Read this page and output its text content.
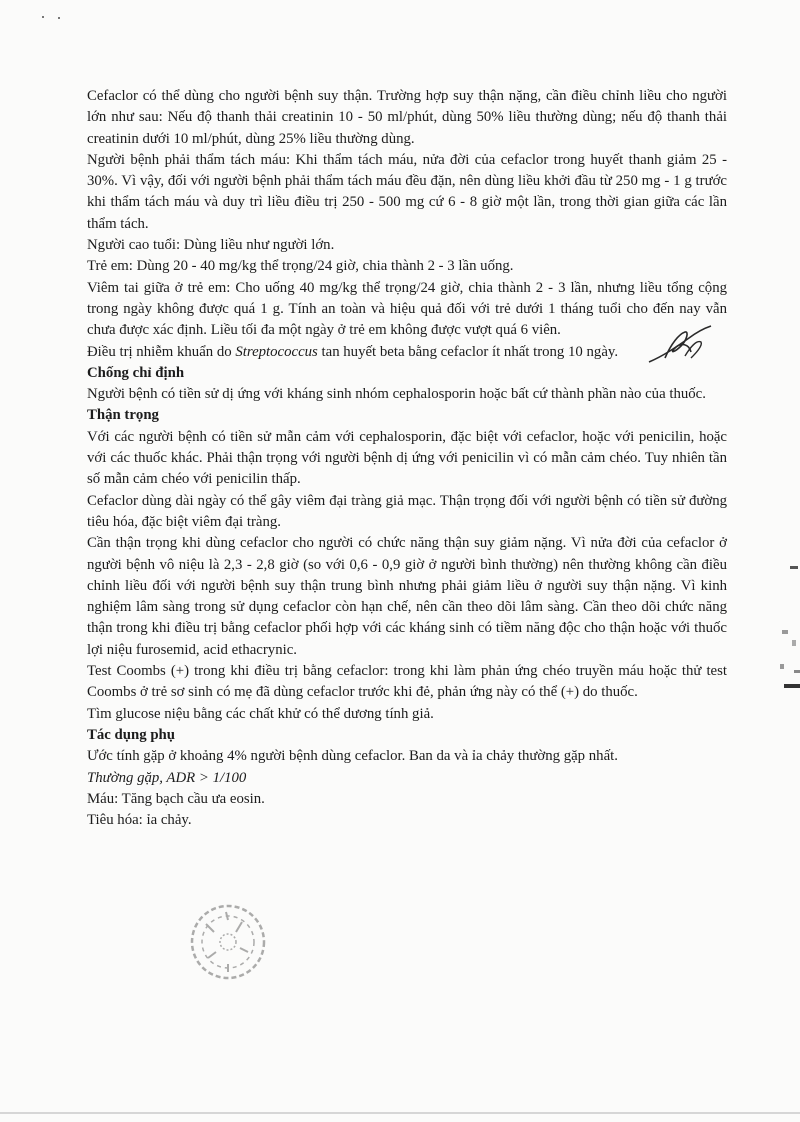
Cefaclor có thể dùng cho người bệnh suy thận. Trường hợp suy thận nặng, cần điều chỉnh liều cho người lớn như sau: Nếu độ thanh thải creatinin 10 - 50 ml/phút, dùng 50% liều thường dùng; nếu độ thanh thải creatinin dưới 10 ml/phút, dùng 25% liều thường dùng.

Người bệnh phải thẩm tách máu: Khi thẩm tách máu, nửa đời của cefaclor trong huyết thanh giảm 25 - 30%. Vì vậy, đối với người bệnh phải thẩm tách máu đều đặn, nên dùng liều khởi đầu từ 250 mg - 1 g trước khi thẩm tách máu và duy trì liều điều trị 250 - 500 mg cứ 6 - 8 giờ một lần, trong thời gian giữa các lần thẩm tách.

Người cao tuổi: Dùng liều như người lớn.

Trẻ em: Dùng 20 - 40 mg/kg thể trọng/24 giờ, chia thành 2 - 3 lần uống.

Viêm tai giữa ở trẻ em: Cho uống 40 mg/kg thể trọng/24 giờ, chia thành 2 - 3 lần, nhưng liều tổng cộng trong ngày không được quá 1 g. Tính an toàn và hiệu quả đối với trẻ dưới 1 tháng tuổi cho đến nay vẫn chưa được xác định. Liều tối đa một ngày ở trẻ em không được vượt quá 6 viên.

Điều trị nhiễm khuẩn do Streptococcus tan huyết beta bằng cefaclor ít nhất trong 10 ngày.

Chống chỉ định

Người bệnh có tiền sử dị ứng với kháng sinh nhóm cephalosporin hoặc bất cứ thành phần nào của thuốc.

Thận trọng

Với các người bệnh có tiền sử mẫn cảm với cephalosporin, đặc biệt với cefaclor, hoặc với penicilin, hoặc với các thuốc khác. Phải thận trọng với người bệnh dị ứng với penicilin vì có mẫn cảm chéo. Tuy nhiên tần số mẫn cảm chéo với penicilin thấp.

Cefaclor dùng dài ngày có thể gây viêm đại tràng giả mạc. Thận trọng đối với người bệnh có tiền sử đường tiêu hóa, đặc biệt viêm đại tràng.

Cần thận trọng khi dùng cefaclor cho người có chức năng thận suy giảm nặng. Vì nửa đời của cefaclor ở người bệnh vô niệu là 2,3 - 2,8 giờ (so với 0,6 - 0,9 giờ ở người bình thường) nên thường không cần điều chỉnh liều đối với người bệnh suy thận trung bình nhưng phải giảm liều ở người suy thận nặng. Vì kinh nghiệm lâm sàng trong sử dụng cefaclor còn hạn chế, nên cần theo dõi lâm sàng. Cần theo dõi chức năng thận trong khi điều trị bằng cefaclor phối hợp với các kháng sinh có tiềm năng độc cho thận hoặc với thuốc lợi niệu furosemid, acid ethacrynic.

Test Coombs (+) trong khi điều trị bằng cefaclor: trong khi làm phản ứng chéo truyền máu hoặc thử test Coombs ở trẻ sơ sinh có mẹ đã dùng cefaclor trước khi đẻ, phản ứng này có thể (+) do thuốc.

Tìm glucose niệu bằng các chất khử có thể dương tính giả.

Tác dụng phụ

Ước tính gặp ở khoảng 4% người bệnh dùng cefaclor. Ban da và ỉa chảy thường gặp nhất.

Thường gặp, ADR > 1/100

Máu: Tăng bạch cầu ưa eosin.

Tiêu hóa: ỉa chảy.
